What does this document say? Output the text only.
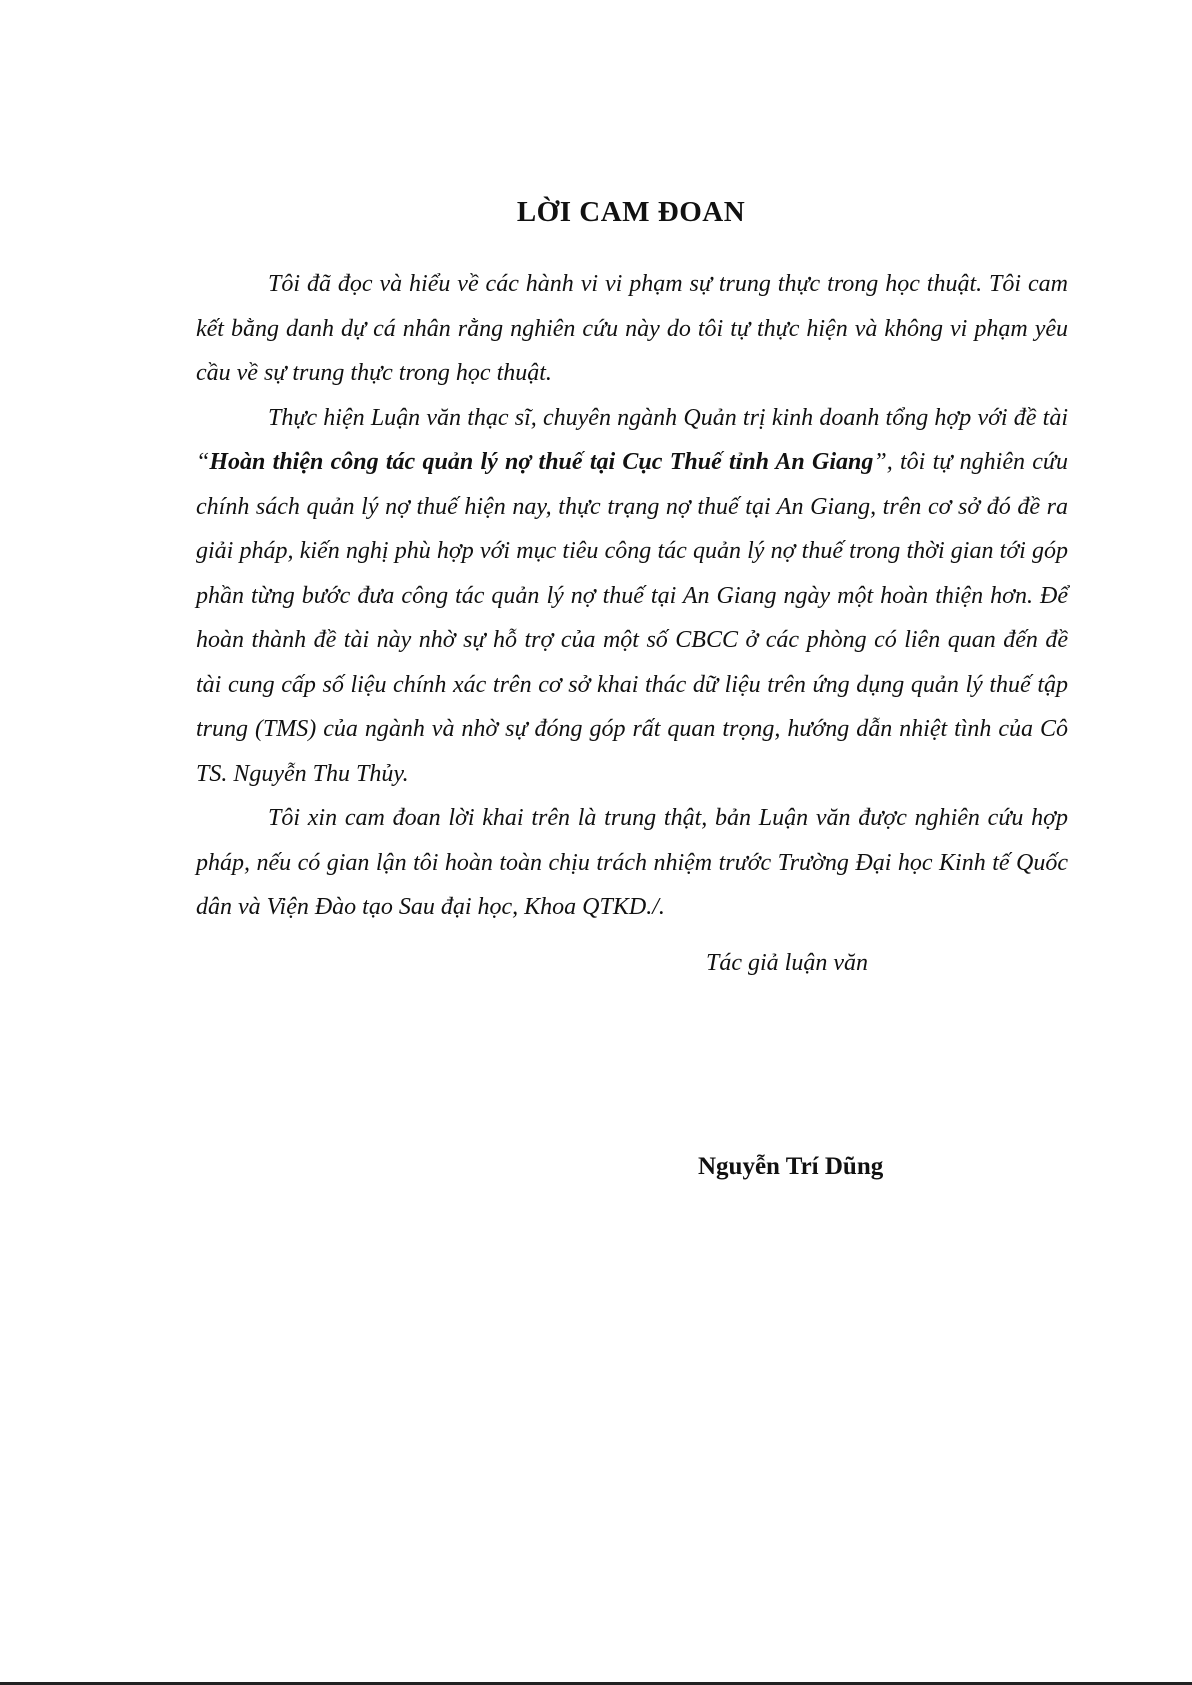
LỜI CAM ĐOAN

Tôi đã đọc và hiểu về các hành vi vi phạm sự trung thực trong học thuật. Tôi cam kết bằng danh dự cá nhân rằng nghiên cứu này do tôi tự thực hiện và không vi phạm yêu cầu về sự trung thực trong học thuật.

Thực hiện Luận văn thạc sĩ, chuyên ngành Quản trị kinh doanh tổng hợp với đề tài “Hoàn thiện công tác quản lý nợ thuế tại Cục Thuế tỉnh An Giang”, tôi tự nghiên cứu chính sách quản lý nợ thuế hiện nay, thực trạng nợ thuế tại An Giang, trên cơ sở đó đề ra giải pháp, kiến nghị phù hợp với mục tiêu công tác quản lý nợ thuế trong thời gian tới góp phần từng bước đưa công tác quản lý nợ thuế tại An Giang ngày một hoàn thiện hơn. Để hoàn thành đề tài này nhờ sự hỗ trợ của một số CBCC ở các phòng có liên quan đến đề tài cung cấp số liệu chính xác trên cơ sở khai thác dữ liệu trên ứng dụng quản lý thuế tập trung (TMS) của ngành và nhờ sự đóng góp rất quan trọng, hướng dẫn nhiệt tình của Cô TS. Nguyễn Thu Thủy.

Tôi xin cam đoan lời khai trên là trung thật, bản Luận văn được nghiên cứu hợp pháp, nếu có gian lận tôi hoàn toàn chịu trách nhiệm trước Trường Đại học Kinh tế Quốc dân và Viện Đào tạo Sau đại học, Khoa QTKD./.

Tác giả luận văn

Nguyễn Trí Dũng
